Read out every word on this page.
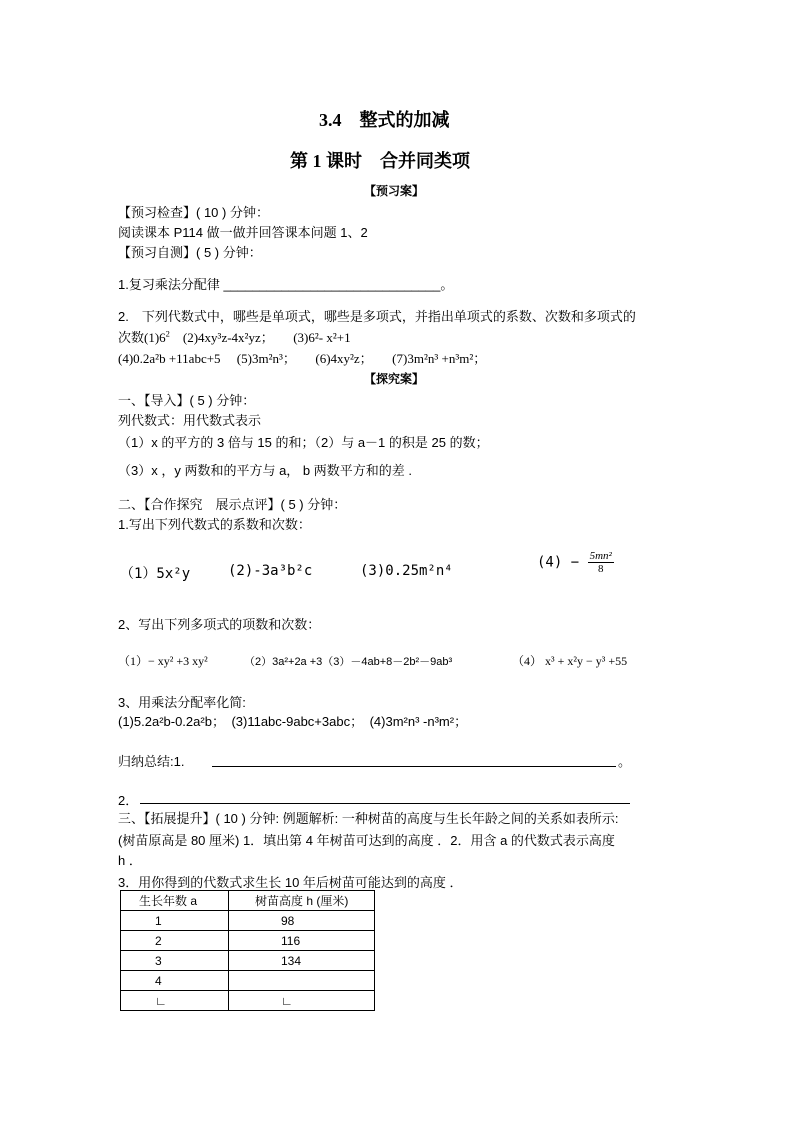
3.4　整式的加减
第 1 课时　合并同类项
【预习案】
【预习检查】( 10 ) 分钟：
阅读课本 P114 做一做并回答课本问题 1、2
【预习自测】( 5 ) 分钟：
1.复习乘法分配律 ______________________________。
2.　下列代数式中，哪些是单项式，哪些是多项式，并指出单项式的系数、次数和多项式的
次数$(1)6^2$　(2)4xy³z-4x²yz；　　(3)6²- x²+1
(4)0.2a²b +11abc+5　 (5)3m²n³；　　(6)4xy²z；　　(7)3m²n³ +n³m²；
【探究案】
一、【导入】( 5 ) 分钟：
列代数式：用代数式表示
（1）x 的平方的 3 倍与 15 的和；（2）与 a－1 的积是 25 的数；
（3）x ，y 两数和的平方与 a， b 两数平方和的差 .
二、【合作探究　展示点评】( 5 ) 分钟：
1.写出下列代数式的系数和次数：
（1）5x²y	(2)-3a³b²c	(3)0.25m²n⁴
$(4) - \frac{\text{5mn²}}{8}$
2、写出下列多项式的项数和次数：
（1）− xy² +3 xy²	（2）3a²+2a +3（3）－4ab+8－2b²－9ab³	（4） x³ + x²y − y³ +55
3、用乘法分配率化简:
(1)5.2a²b-0.2a²b；　(3)11abc-9abc+3abc；　(4)3m²n³ -n³m²；
归纳总结:1.	。
2．
三、【拓展提升】( 10 ) 分钟: 例题解析: 一种树苗的高度与生长年龄之间的关系如表所示:
(树苗原高是 80 厘米) 1．填出第 4 年树苗可达到的高度 ．2．用含 a 的代数式表示高度
h ．
3．用你得到的代数式求生长 10 年后树苗可能达到的高度 ．
生长年数 a	树苗高度 h (厘米)
1	98
2	116
3	134
4	
∟	∟
